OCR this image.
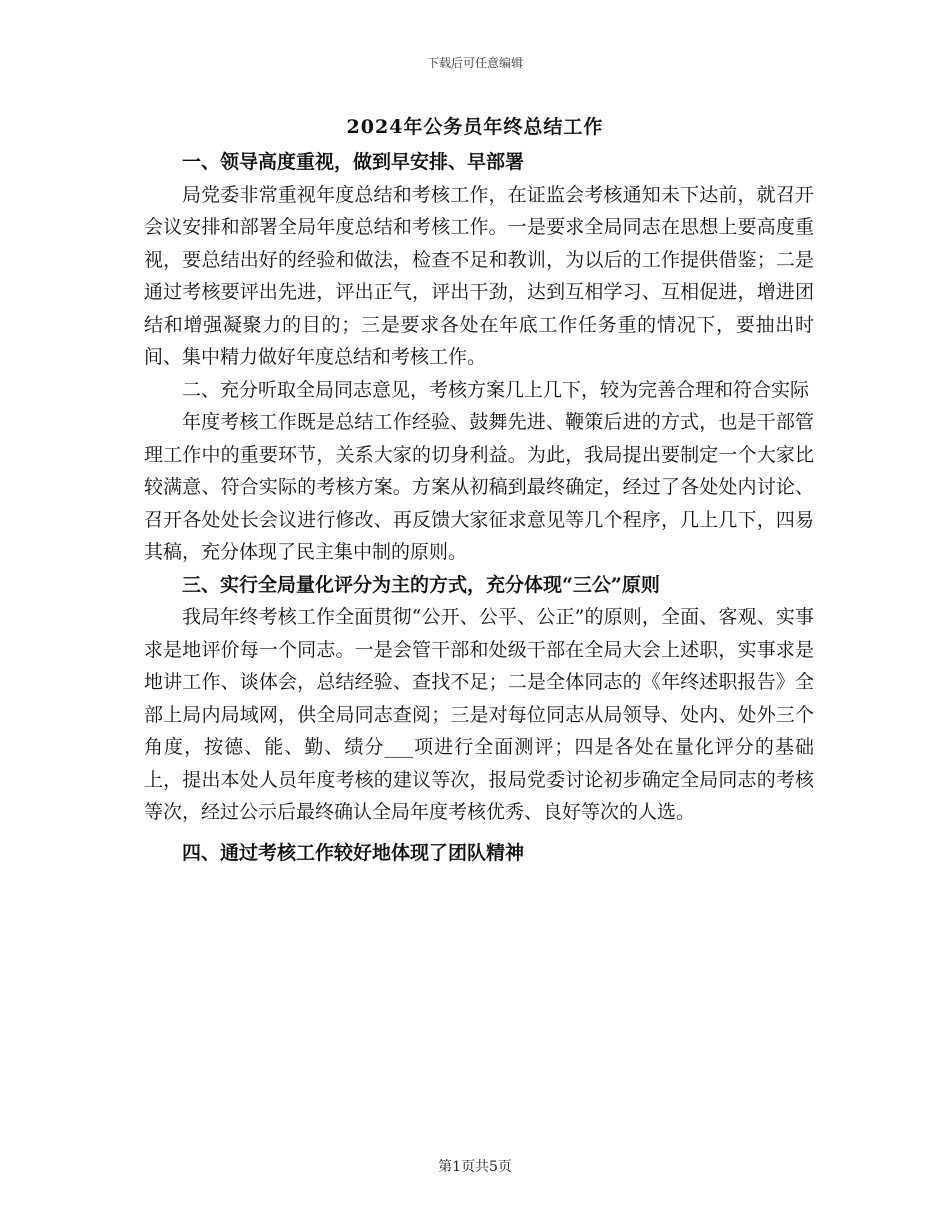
下载后可任意编辑
2024年公务员年终总结工作
一、领导高度重视，做到早安排、早部署

局党委非常重视年度总结和考核工作，在证监会考核通知未下达前，就召开会议安排和部署全局年度总结和考核工作。一是要求全局同志在思想上要高度重视，要总结出好的经验和做法，检查不足和教训，为以后的工作提供借鉴；二是通过考核要评出先进，评出正气，评出干劲，达到互相学习、互相促进，增进团结和增强凝聚力的目的；三是要求各处在年底工作任务重的情况下，要抽出时间、集中精力做好年度总结和考核工作。

二、充分听取全局同志意见，考核方案几上几下，较为完善合理和符合实际

年度考核工作既是总结工作经验、鼓舞先进、鞭策后进的方式，也是干部管理工作中的重要环节，关系大家的切身利益。为此，我局提出要制定一个大家比较满意、符合实际的考核方案。方案从初稿到最终确定，经过了各处处内讨论、召开各处处长会议进行修改、再反馈大家征求意见等几个程序，几上几下，四易其稿，充分体现了民主集中制的原则。

三、实行全局量化评分为主的方式，充分体现“三公”原则

我局年终考核工作全面贯彻“公开、公平、公正”的原则，全面、客观、实事求是地评价每一个同志。一是会管干部和处级干部在全局大会上述职，实事求是地讲工作、谈体会，总结经验、查找不足；二是全体同志的《年终述职报告》全部上局内局域网，供全局同志查阅；三是对每位同志从局领导、处内、处外三个角度，按德、能、勤、绩分___项进行全面测评；四是各处在量化评分的基础上，提出本处人员年度考核的建议等次，报局党委讨论初步确定全局同志的考核等次，经过公示后最终确认全局年度考核优秀、良好等次的人选。

四、通过考核工作较好地体现了团队精神
第1页共5页
